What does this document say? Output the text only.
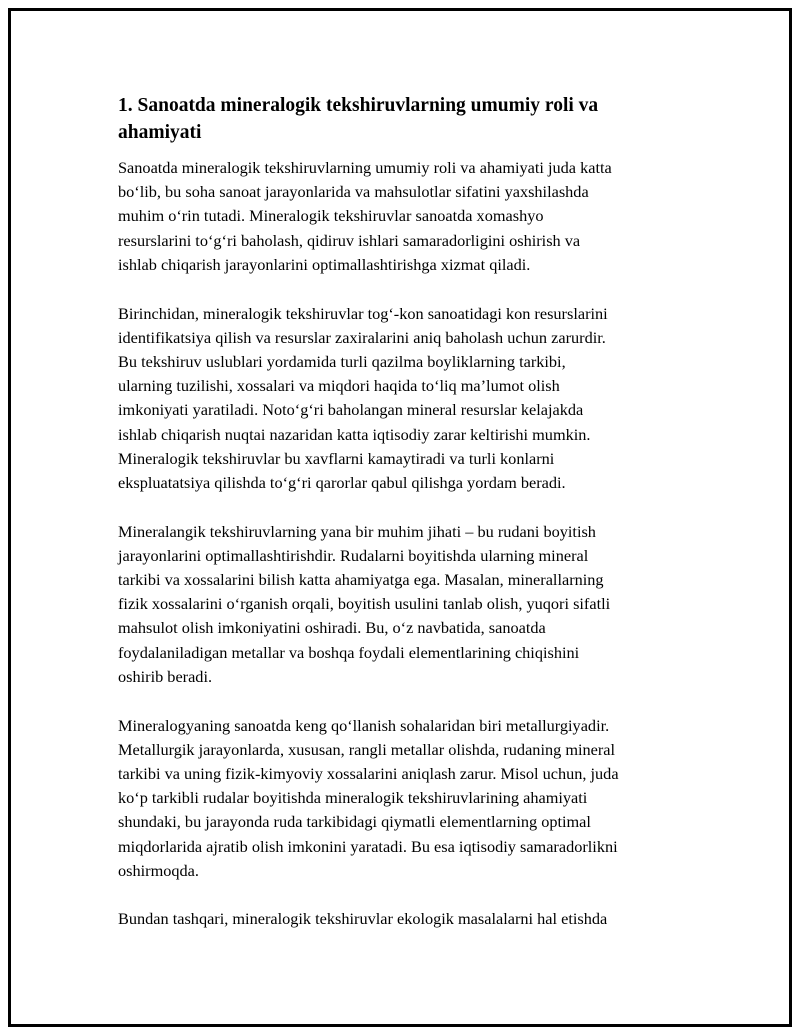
1. Sanoatda mineralogik tekshiruvlarning umumiy roli va
ahamiyati

Sanoatda mineralogik tekshiruvlarning umumiy roli va ahamiyati juda katta
bo‘lib, bu soha sanoat jarayonlarida va mahsulotlar sifatini yaxshilashda
muhim o‘rin tutadi. Mineralogik tekshiruvlar sanoatda xomashyo
resurslarini to‘g‘ri baholash, qidiruv ishlari samaradorligini oshirish va
ishlab chiqarish jarayonlarini optimallashtirishga xizmat qiladi.

Birinchidan, mineralogik tekshiruvlar tog‘-kon sanoatidagi kon resurslarini
identifikatsiya qilish va resurslar zaxiralarini aniq baholash uchun zarurdir.
Bu tekshiruv uslublari yordamida turli qazilma boyliklarning tarkibi,
ularning tuzilishi, xossalari va miqdori haqida to‘liq ma’lumot olish
imkoniyati yaratiladi. Noto‘g‘ri baholangan mineral resurslar kelajakda
ishlab chiqarish nuqtai nazaridan katta iqtisodiy zarar keltirishi mumkin.
Mineralogik tekshiruvlar bu xavflarni kamaytiradi va turli konlarni
ekspluatatsiya qilishda to‘g‘ri qarorlar qabul qilishga yordam beradi.

Mineralangik tekshiruvlarning yana bir muhim jihati – bu rudani boyitish
jarayonlarini optimallashtirishdir. Rudalarni boyitishda ularning mineral
tarkibi va xossalarini bilish katta ahamiyatga ega. Masalan, minerallarning
fizik xossalarini o‘rganish orqali, boyitish usulini tanlab olish, yuqori sifatli
mahsulot olish imkoniyatini oshiradi. Bu, o‘z navbatida, sanoatda
foydalaniladigan metallar va boshqa foydali elementlarining chiqishini
oshirib beradi.

Mineralogyaning sanoatda keng qo‘llanish sohalaridan biri metallurgiyadir.
Metallurgik jarayonlarda, xususan, rangli metallar olishda, rudaning mineral
tarkibi va uning fizik-kimyoviy xossalarini aniqlash zarur. Misol uchun, juda
ko‘p tarkibli rudalar boyitishda mineralogik tekshiruvlarining ahamiyati
shundaki, bu jarayonda ruda tarkibidagi qiymatli elementlarning optimal
miqdorlarida ajratib olish imkonini yaratadi. Bu esa iqtisodiy samaradorlikni
oshirmoqda.

Bundan tashqari, mineralogik tekshiruvlar ekologik masalalarni hal etishda
